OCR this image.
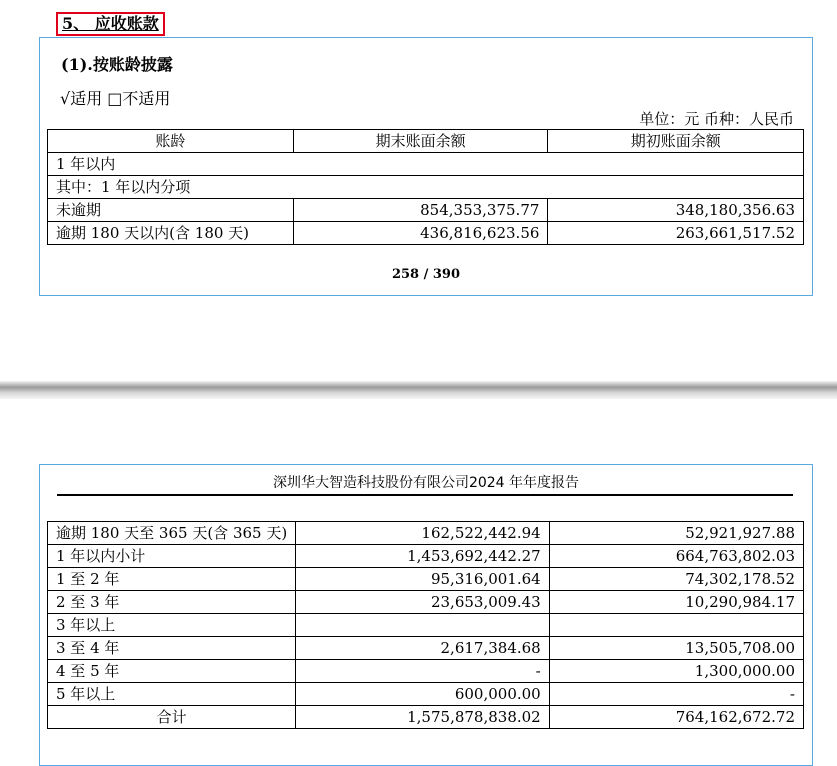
5、 应收账款
(1).按账龄披露
√适用 □不适用
单位：元 币种：人民币
账龄	期末账面余额	期初账面余额
1 年以内		
其中：1 年以内分项		
未逾期	854,353,375.77	348,180,356.63
逾期 180 天以内(含 180 天)	436,816,623.56	263,661,517.52
258 / 390
深圳华大智造科技股份有限公司2024 年年度报告
逾期 180 天至 365 天(含 365 天)	162,522,442.94	52,921,927.88
1 年以内小计	1,453,692,442.27	664,763,802.03
1 至 2 年	95,316,001.64	74,302,178.52
2 至 3 年	23,653,009.43	10,290,984.17
3 年以上		
3 至 4 年	2,617,384.68	13,505,708.00
4 至 5 年	-	1,300,000.00
5 年以上	600,000.00	-
合计	1,575,878,838.02	764,162,672.72
